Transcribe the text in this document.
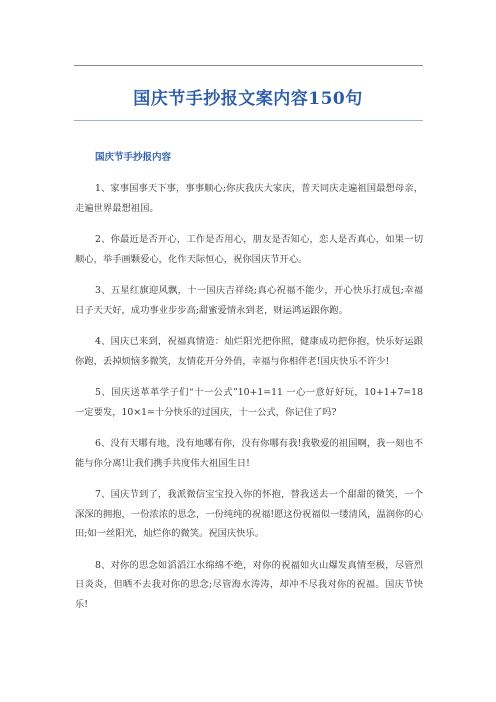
国庆节手抄报文案内容150句
国庆节手抄报内容

1、家事国事天下事，事事顺心;你庆我庆大家庆，普天同庆走遍祖国最想母亲，走遍世界最想祖国。

2、你最近是否开心，工作是否用心，朋友是否知心，恋人是否真心，如果一切顺心，举手画颗爱心，化作天际恒心，祝你国庆节开心。

3、五星红旗迎风飘，十一国庆吉祥绕;真心祝福不能少，开心快乐打成包;幸福日子天天好，成功事业步步高;甜蜜爱情永到老，财运鸿运跟你跑。

4、国庆已来到，祝福真情造：灿烂阳光把你照，健康成功把你抱，快乐好运跟你跑，丢掉烦恼多微笑，友情花开分外俏，幸福与你相伴老!国庆快乐不许少!

5、国庆送革革学子们“十一公式”10+1=11 一心一意好好玩，10+1+7=18 一定要发，10×1=十分快乐的过国庆，十一公式，你记住了吗?

6、没有天哪有地，没有地哪有你，没有你哪有我!我敬爱的祖国啊，我一刻也不能与你分离!让我们携手共度伟大祖国生日!

7、国庆节到了，我派微信宝宝投入你的怀抱，替我送去一个甜甜的微笑，一个深深的拥抱，一份浓浓的思念，一份纯纯的祝福!愿这份祝福似一缕清风，温润你的心田;如一丝阳光，灿烂你的微笑。祝国庆快乐。

8、对你的思念如滔滔江水绵绵不绝，对你的祝福如火山爆发真情至极，尽管烈日炎炎，但晒不去我对你的思念;尽管海水涛涛，却冲不尽我对你的祝福。国庆节快乐!
